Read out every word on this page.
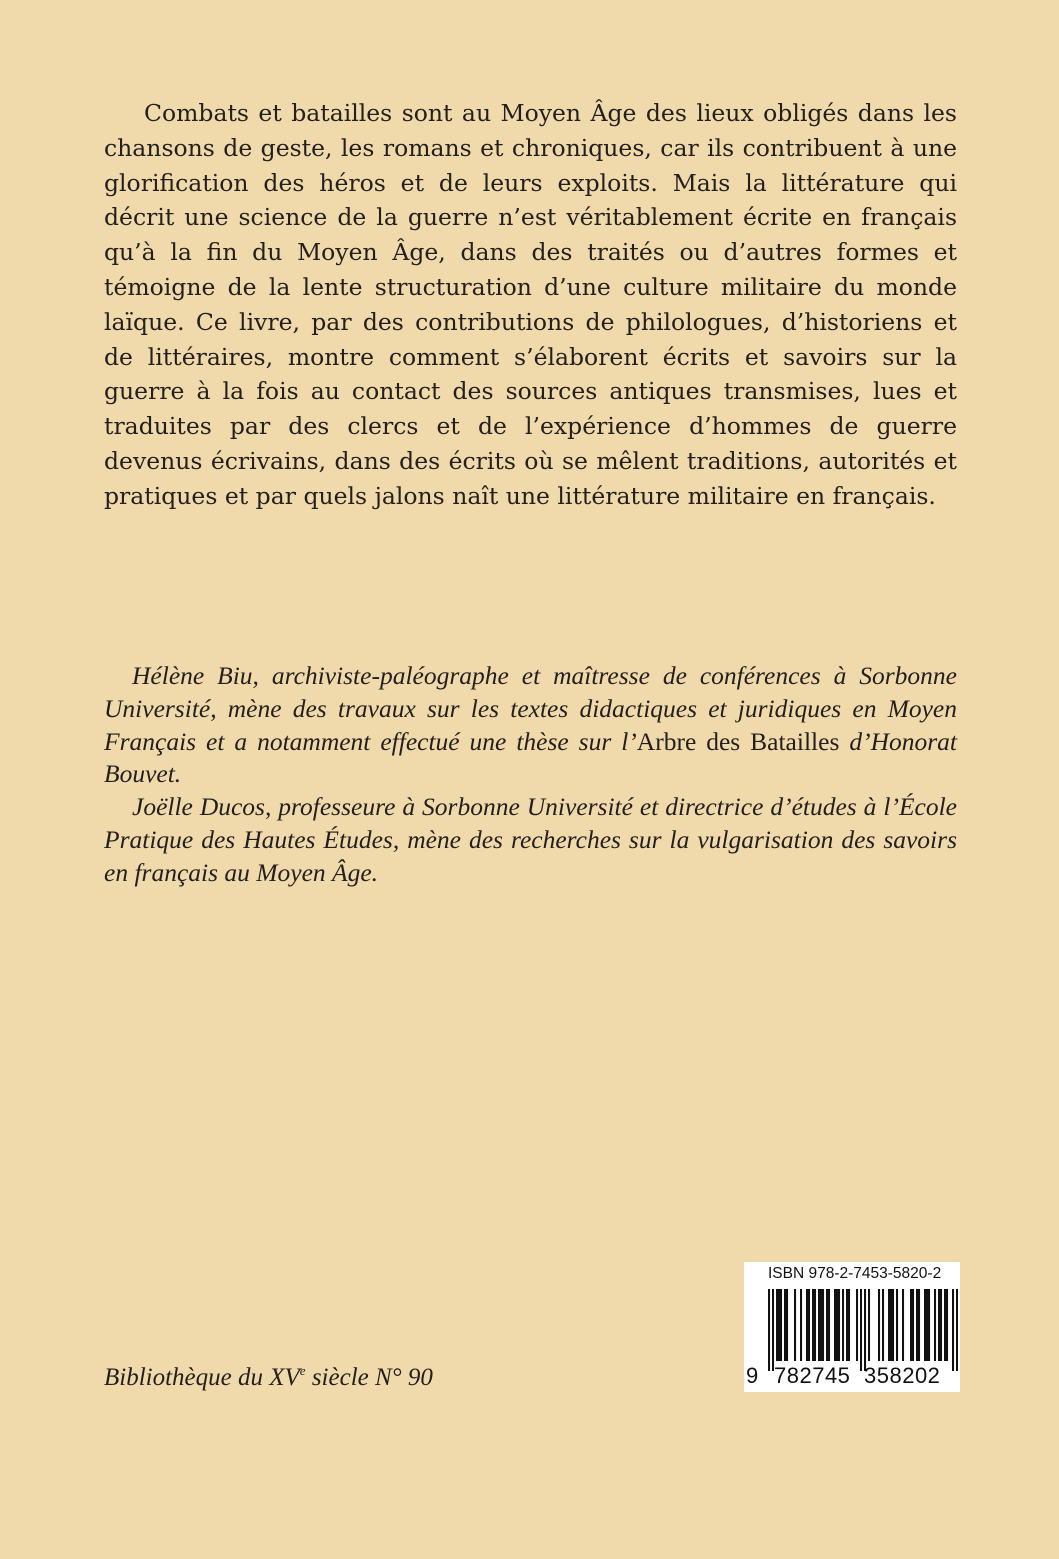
Combats et batailles sont au Moyen Âge des lieux obligés dans les chansons de geste, les romans et chroniques, car ils contribuent à une glorification des héros et de leurs exploits. Mais la littérature qui décrit une science de la guerre n’est véritablement écrite en français qu’à la fin du Moyen Âge, dans des traités ou d’autres formes et témoigne de la lente structuration d’une culture militaire du monde laïque. Ce livre, par des contributions de philologues, d’historiens et de littéraires, montre comment s’élaborent écrits et savoirs sur la guerre à la fois au contact des sources antiques transmises, lues et traduites par des clercs et de l’expérience d’hommes de guerre devenus écrivains, dans des écrits où se mêlent traditions, autorités et pratiques et par quels jalons naît une littérature militaire en français.

Hélène Biu, archiviste-paléographe et maîtresse de conférences à Sorbonne Université, mène des travaux sur les textes didactiques et juridiques en Moyen Français et a notamment effectué une thèse sur l’Arbre des Batailles d’Honorat Bouvet.

Joëlle Ducos, professeure à Sorbonne Université et directrice d’études à l’École Pratique des Hautes Études, mène des recherches sur la vulgarisation des savoirs en français au Moyen Âge.

Bibliothèque du XVe siècle N° 90
ISBN 978-2-7453-5820-2
9 782745 358202
